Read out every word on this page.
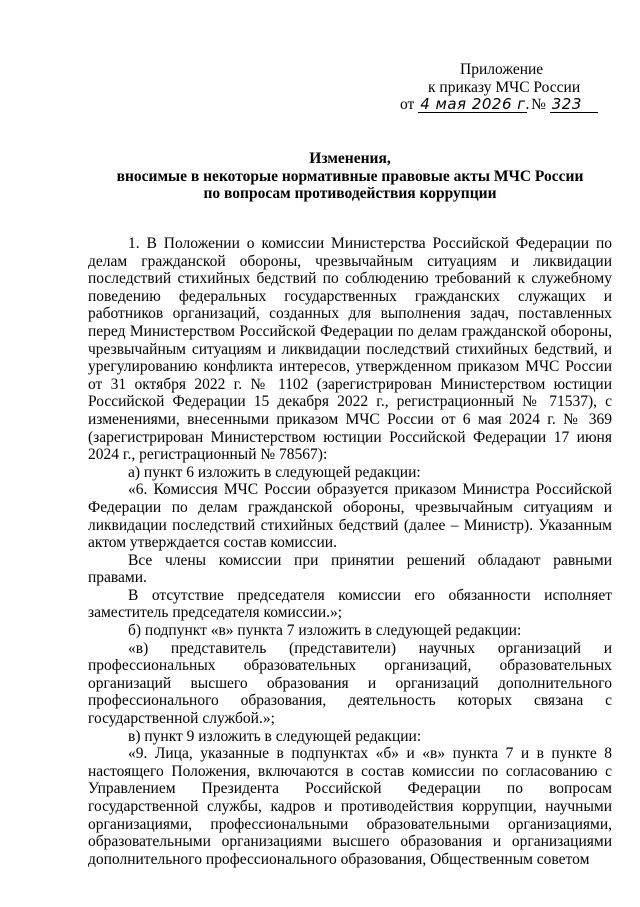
Приложение
к приказу МЧС России
от 4 мая 2026 г. № 323
Изменения,
вносимые в некоторые нормативные правовые акты МЧС России
по вопросам противодействия коррупции

1. В Положении о комиссии Министерства Российской Федерации по делам гражданской обороны, чрезвычайным ситуациям и ликвидации последствий стихийных бедствий по соблюдению требований к служебному поведению федеральных государственных гражданских служащих и работников организаций, созданных для выполнения задач, поставленных перед Министерством Российской Федерации по делам гражданской обороны, чрезвычайным ситуациям и ликвидации последствий стихийных бедствий, и урегулированию конфликта интересов, утвержденном приказом МЧС России от 31 октября 2022 г. № 1102 (зарегистрирован Министерством юстиции Российской Федерации 15 декабря 2022 г., регистрационный № 71537), с изменениями, внесенными приказом МЧС России от 6 мая 2024 г. № 369 (зарегистрирован Министерством юстиции Российской Федерации 17 июня 2024 г., регистрационный № 78567):

а) пункт 6 изложить в следующей редакции:

«6. Комиссия МЧС России образуется приказом Министра Российской Федерации по делам гражданской обороны, чрезвычайным ситуациям и ликвидации последствий стихийных бедствий (далее – Министр). Указанным актом утверждается состав комиссии.

Все члены комиссии при принятии решений обладают равными правами.

В отсутствие председателя комиссии его обязанности исполняет заместитель председателя комиссии.»;

б) подпункт «в» пункта 7 изложить в следующей редакции:

«в) представитель (представители) научных организаций и профессиональных образовательных организаций, образовательных организаций высшего образования и организаций дополнительного профессионального образования, деятельность которых связана с государственной службой.»;

в) пункт 9 изложить в следующей редакции:

«9. Лица, указанные в подпунктах «б» и «в» пункта 7 и в пункте 8 настоящего Положения, включаются в состав комиссии по согласованию с Управлением Президента Российской Федерации по вопросам государственной службы, кадров и противодействия коррупции, научными организациями, профессиональными образовательными организациями, образовательными организациями высшего образования и организациями дополнительного профессионального образования, Общественным советом
